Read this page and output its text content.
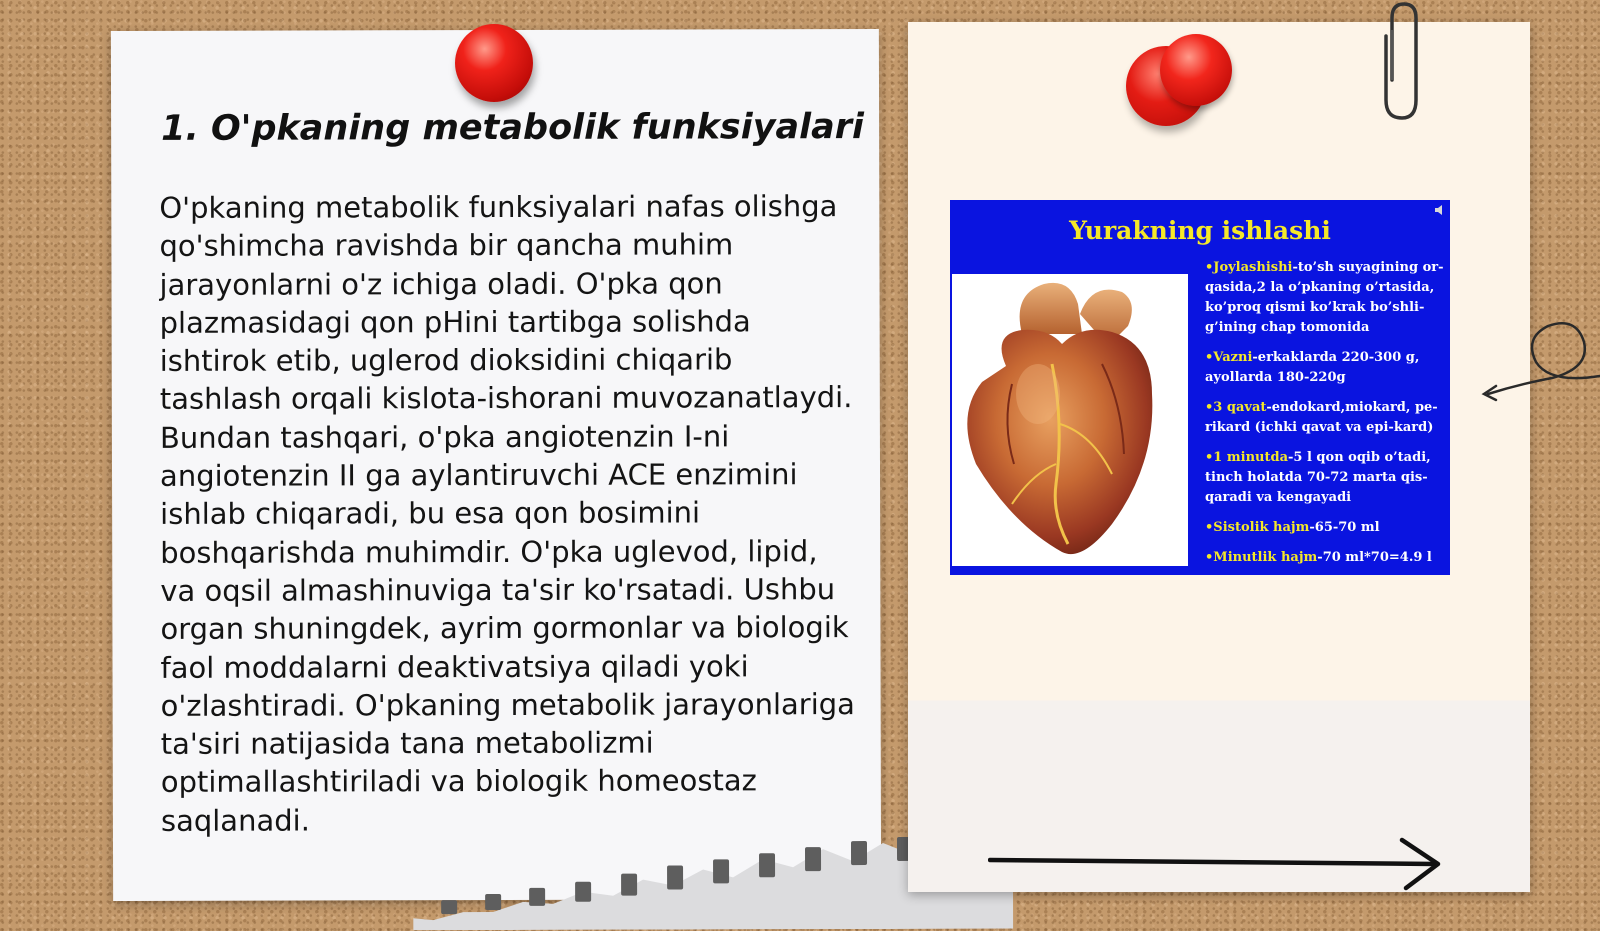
1. O'pkaning metabolik funksiyalari

O'pkaning metabolik funksiyalari nafas olishga qo'shimcha ravishda bir qancha muhim jarayonlarni o'z ichiga oladi. O'pka qon plazmasidagi qon pHini tartibga solishda ishtirok etib, uglerod dioksidini chiqarib tashlash orqali kislota-ishorani muvozanatlaydi. Bundan tashqari, o'pka angiotenzin I-ni angiotenzin II ga aylantiruvchi ACE enzimini ishlab chiqaradi, bu esa qon bosimini boshqarishda muhimdir. O'pka uglevod, lipid, va oqsil almashinuviga ta'sir ko'rsatadi. Ushbu organ shuningdek, ayrim gormonlar va biologik faol moddalarni deaktivatsiya qiladi yoki o'zlashtiradi. O'pkaning metabolik jarayonlariga ta'siri natijasida tana metabolizmi optimallashtiriladi va biologik homeostaz saqlanadi.

Yurakning ishlashi
•Joylashishi-to’sh suyagining or-qasida,2 la o’pkaning o’rtasida, ko’proq qismi ko’krak bo’shli-g’ining chap tomonida
•Vazni-erkaklarda 220-300 g, ayollarda 180-220g
•3 qavat-endokard,miokard, pe-rikard (ichki qavat va epi-kard)
•1 minutda-5 l qon oqib o’tadi, tinch holatda 70-72 marta qis-qaradi va kengayadi
•Sistolik hajm-65-70 ml
•Minutlik hajm-70 ml*70=4.9 l
